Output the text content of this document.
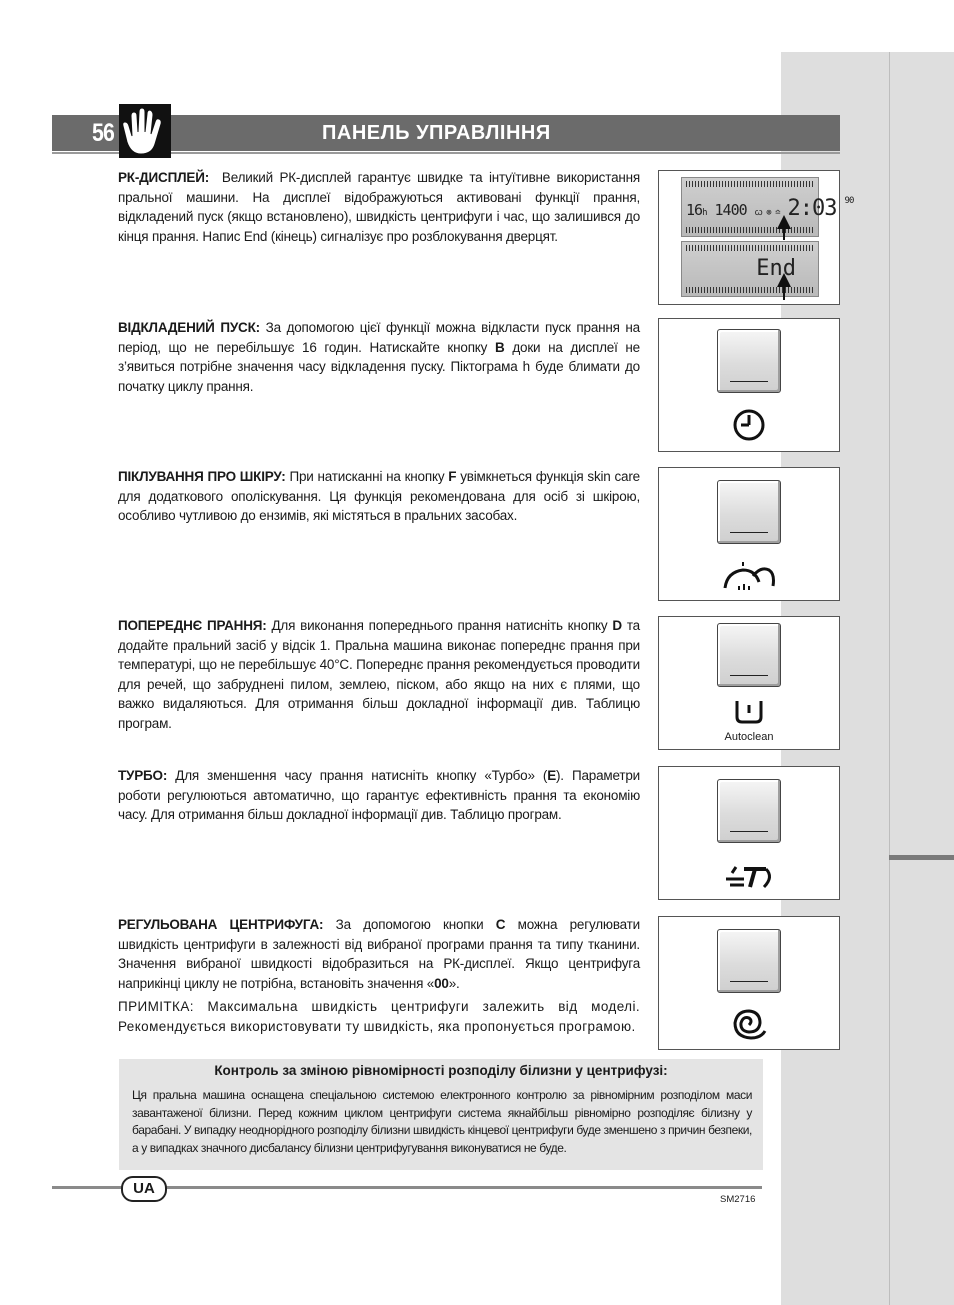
56	ПАНЕЛЬ УПРАВЛІННЯ
РК-ДИСПЛЕЙ: Великий РК-дисплей гарантує швидке та інтуїтивне використання пральної машини. На дисплеї відображуються активовані функції прання, відкладений пуск (якщо встановлено), швидкість центрифуги і час, що залишився до кінця прання. Напис End (кінець) сигналізує про розблокування дверцят.
16h 1400 ꞷ ⊚ ≏ 2:03 $^{90}$
End
ВІДКЛАДЕНИЙ ПУСК: За допомогою цієї функції можна відкласти пуск прання на період, що не перебільшує 16 годин. Натискайте кнопку B доки на дисплеї не з’явиться потрібне значення часу відкладення пуску. Піктограма h буде блимати до початку циклу прання.
ПІКЛУВАННЯ ПРО ШКІРУ: При натисканні на кнопку F увімкнеться функція skin care для додаткового ополіскування. Ця функція рекомендована для осіб зі шкірою, особливо чутливою до ензимів, які містяться в пральних засобах.
ПОПЕРЕДНЄ ПРАННЯ: Для виконання попереднього прання натисніть кнопку D та додайте пральний засіб у відсік 1. Пральна машина виконає попереднє прання при температурі, що не перебільшує 40°С. Попереднє прання рекомендується проводити для речей, що забруднені пилом, землею, піском, або якщо на них є плями, що важко видаляються. Для отримання більш докладної інформації див. Таблицю програм.
Autoclean
ТУРБО: Для зменшення часу прання натисніть кнопку «Турбо» (E). Параметри роботи регулюються автоматично, що гарантує ефективність прання та економію часу. Для отримання більш докладної інформації див. Таблицю програм.
РЕГУЛЬОВАНА ЦЕНТРИФУГА: За допомогою кнопки C можна регулювати швидкість центрифуги в залежності від вибраної програми прання та типу тканини. Значення вибраної швидкості відобразиться на РК-дисплеї. Якщо центрифуга наприкінці циклу не потрібна, встановіть значення «00».
ПРИМІТКА: Максимальна швидкість центрифуги залежить від моделі. Рекомендується використовувати ту швидкість, яка пропонується програмою.
Контроль за зміною рівномірності розподілу білизни у центрифузі:
Ця пральна машина оснащена спеціальною системою електронного контролю за рівномірним розподілом маси завантаженої білизни. Перед кожним циклом центрифуги система якнайбільш рівномірно розподіляє білизну у барабані. У випадку неоднорідного розподілу білизни швидкість кінцевої центрифуги буде зменшено з причин безпеки, а у випадках значного дисбалансу білизни центрифугування виконуватися не буде.
UA
SM2716
